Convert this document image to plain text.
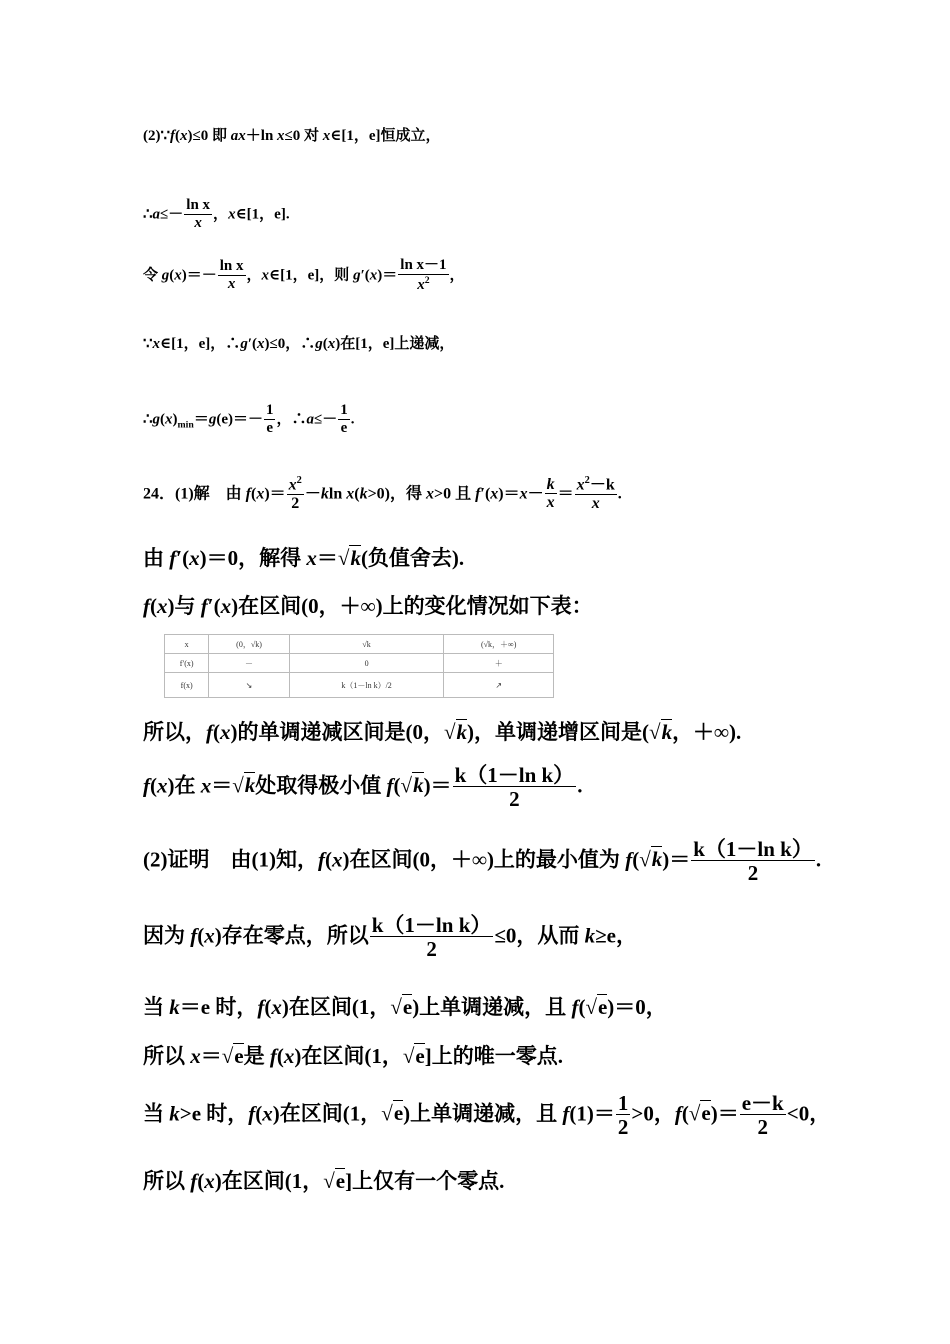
(2)∵f(x)≤0 即 ax＋ln x≤0 对 x∈[1，e]恒成立，
∴a≤－ $\frac{\text{ln x}}{x}$ ，x∈[1，e].
令 $g(x)=- \frac{\text{ln x}}{x}$ ，x∈[1，e]，则 $g'(x)= \frac{\text{ln x－1}}{x^2}$ ，
∵x∈[1，e]，∴g′(x)≤0，∴g(x)在[1，e]上递减，
$\therefore g(x)_{min}=g(e)=- \frac{1}{e}$ ，∴a≤－ $\frac{1}{e}$ .
24．(1)解　由 $f(x)= \frac{x^2}{2} -kln$ x(k>0)，得 x>0 且 $f'(x)=x- \frac{k}{x} = \frac{x^2-k}{x}$ .
由 f′(x)＝0，解得 x＝√k(负值舍去).
f(x)与 f′(x)在区间(0，＋∞)上的变化情况如下表：
x	(0，√k)	√k	(√k，＋∞)
f′(x)	－	0	＋
f(x)	↘	k（1－ln k）/2	↗
所以，f(x)的单调递减区间是(0，√k)，单调递增区间是(√k，＋∞).
f(x)在 x＝√k处取得极小值 $f(√k)= \frac{\text{k（1－ln k）}}{2}$ .
(2)证明　由(1)知，f(x)在区间(0，＋∞)上的最小值为 $f(√k)= \frac{\text{k（1－ln k）}}{2}$ .
因为 f(x)存在零点，所以 $\frac{\text{k（1－ln k）}}{2} \le 0$，从而 k≥e，
当 k＝e 时，f(x)在区间(1，√e)上单调递减，且 f(√e)＝0，
所以 x＝√e是 f(x)在区间(1，√e]上的唯一零点.
当 k>e 时，f(x)在区间(1，√e)上单调递减，且 $f(1)= \frac{1}{2} >0$，$f(√e)= \frac{e-k}{2} <0$，
所以 f(x)在区间(1，√e]上仅有一个零点.
